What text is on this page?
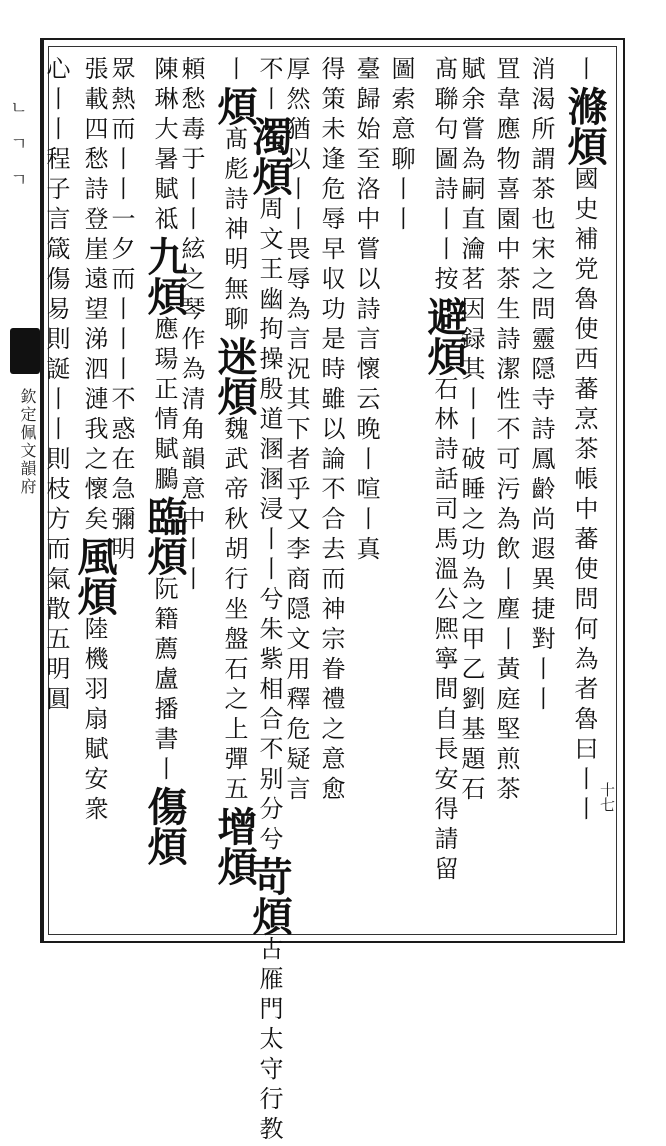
ㄴㄱㄱ
欽定佩文韻府
丨滌煩國史補党魯使西蕃烹茶帳中蕃使問何為者魯曰丨丨
消渴所謂茶也宋之問靈隠寺詩鳳齡尚遐異捷對丨丨
罝韋應物喜園中茶生詩潔性不可污為飲丨塵丨黃庭堅煎茶
賦余嘗為嗣直瀹茗因録其丨丨破睡之功為之甲乙劉基題石
髙聯句圖詩丨丨按避煩石林詩話司馬溫公熈寧間自長安得請留
圖索意聊丨丨
臺歸始至洛中嘗以詩言懷云晚丨喧丨真
得策未逢危辱早収功是時雖以論不合去而神宗眷禮之意愈
厚然猶以丨丨畏辱為言況其下者乎又李商隠文用釋危疑言
不丨濁煩周文王幽拘操殷道溷溷浸丨丨兮朱紫相合不别分兮苛煩古雁門太守行教
丨煩髙彪詩神明無聊迷煩魏武帝秋胡行坐盤石之上彈五增煩
頼愁毒于丨丨絃之琴作為清角韻意中丨丨
陳琳大暑賦祗九煩應瑒正情賦鵩臨煩阮籍薦盧播書丨傷煩
眾熱而丨丨一夕而丨丨丨不惑在急彌明
張載四愁詩登崖遠望涕泗漣我之懷矣風煩陸機羽扇賦安衆
心丨丨程子言箴傷易則誕丨丨則枝方而氣散五明圓
十七
